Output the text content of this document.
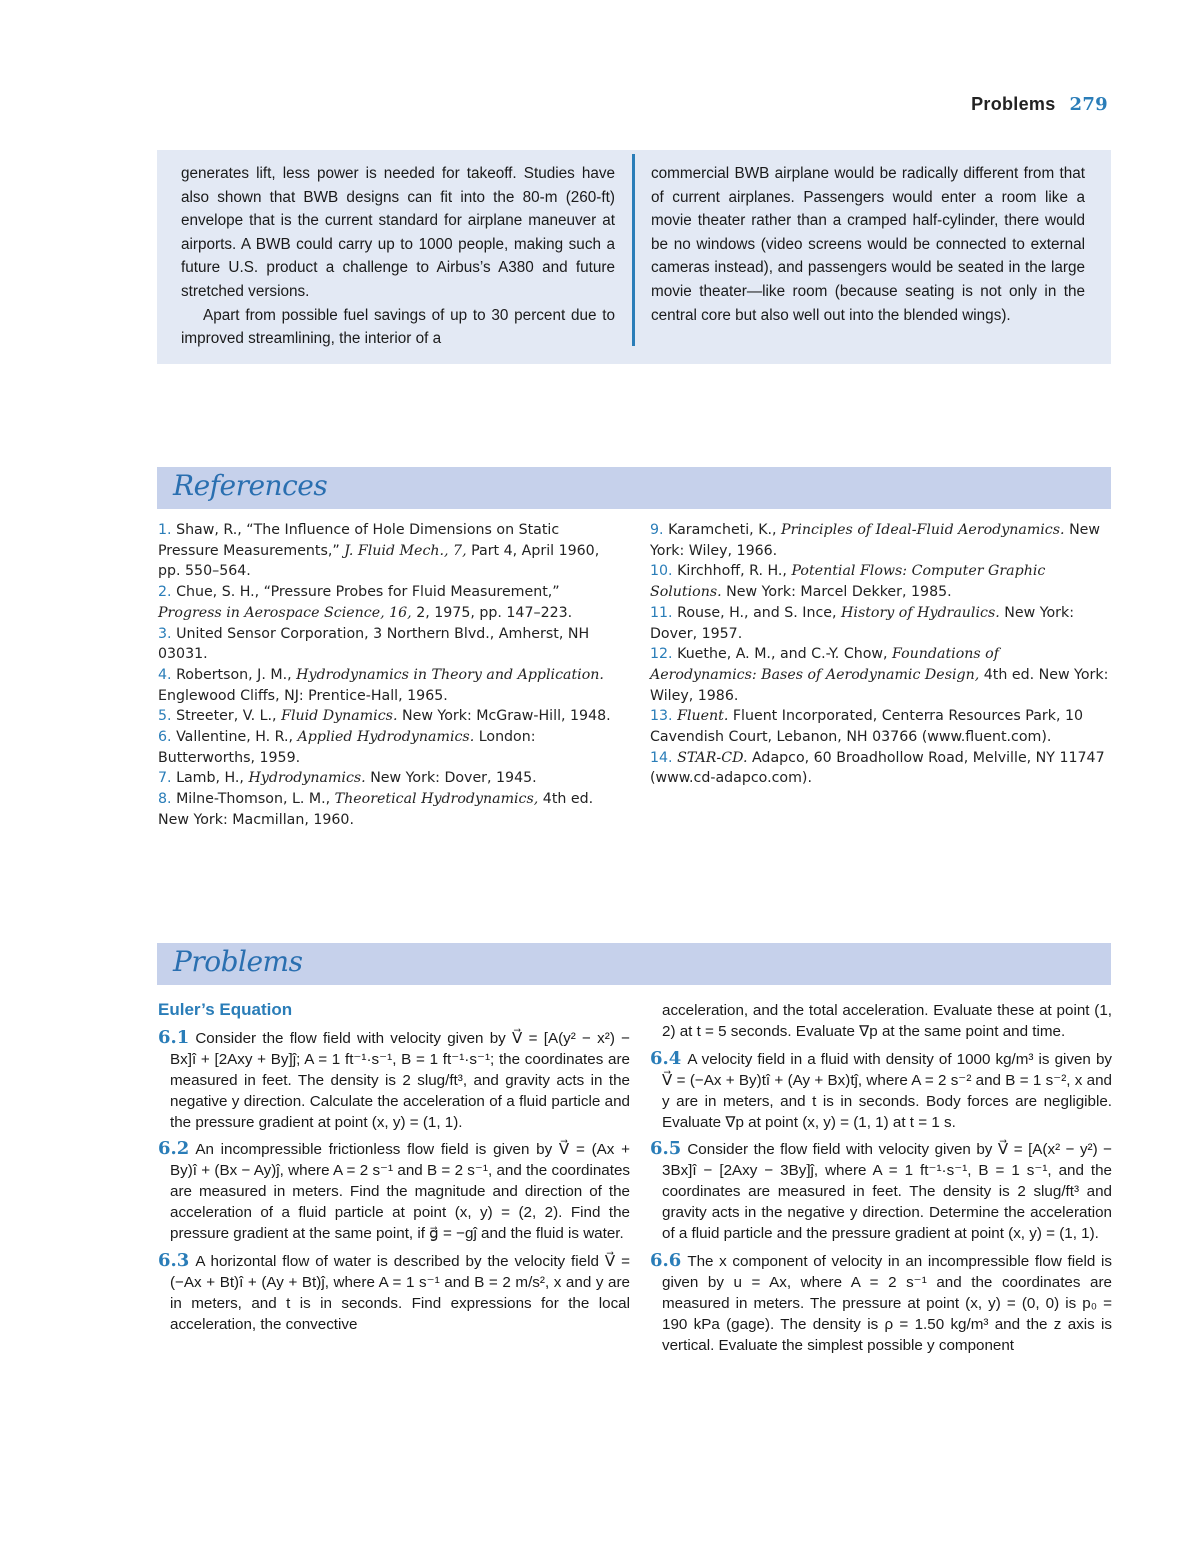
Problems 279

generates lift, less power is needed for takeoff. Studies have also shown that BWB designs can fit into the 80-m (260-ft) envelope that is the current standard for airplane maneuver at airports. A BWB could carry up to 1000 people, making such a future U.S. product a challenge to Airbus’s A380 and future stretched versions.

Apart from possible fuel savings of up to 30 percent due to improved streamlining, the interior of a

commercial BWB airplane would be radically different from that of current airplanes. Passengers would enter a room like a movie theater rather than a cramped half-cylinder, there would be no windows (video screens would be connected to external cameras instead), and passengers would be seated in the large movie theater—like room (because seating is not only in the central core but also well out into the blended wings).

References
1. Shaw, R., “The Influence of Hole Dimensions on Static Pressure Measurements,” J. Fluid Mech., 7, Part 4, April 1960, pp. 550–564.
2. Chue, S. H., “Pressure Probes for Fluid Measurement,” Progress in Aerospace Science, 16, 2, 1975, pp. 147–223.
3. United Sensor Corporation, 3 Northern Blvd., Amherst, NH 03031.
4. Robertson, J. M., Hydrodynamics in Theory and Application. Englewood Cliffs, NJ: Prentice-Hall, 1965.
5. Streeter, V. L., Fluid Dynamics. New York: McGraw-Hill, 1948.
6. Vallentine, H. R., Applied Hydrodynamics. London: Butterworths, 1959.
7. Lamb, H., Hydrodynamics. New York: Dover, 1945.
8. Milne-Thomson, L. M., Theoretical Hydrodynamics, 4th ed. New York: Macmillan, 1960.
9. Karamcheti, K., Principles of Ideal-Fluid Aerodynamics. New York: Wiley, 1966.
10. Kirchhoff, R. H., Potential Flows: Computer Graphic Solutions. New York: Marcel Dekker, 1985.
11. Rouse, H., and S. Ince, History of Hydraulics. New York: Dover, 1957.
12. Kuethe, A. M., and C.-Y. Chow, Foundations of Aerodynamics: Bases of Aerodynamic Design, 4th ed. New York: Wiley, 1986.
13. Fluent. Fluent Incorporated, Centerra Resources Park, 10 Cavendish Court, Lebanon, NH 03766 (www.fluent.com).
14. STAR-CD. Adapco, 60 Broadhollow Road, Melville, NY 11747 (www.cd-adapco.com).
Problems
Euler’s Equation

6.1 Consider the flow field with velocity given by V⃗ = [A(y² − x²) − Bx]î + [2Axy + By]ĵ; A = 1 ft⁻¹·s⁻¹, B = 1 ft⁻¹·s⁻¹; the coordinates are measured in feet. The density is 2 slug/ft³, and gravity acts in the negative y direction. Calculate the acceleration of a fluid particle and the pressure gradient at point (x, y) = (1, 1).

6.2 An incompressible frictionless flow field is given by V⃗ = (Ax + By)î + (Bx − Ay)ĵ, where A = 2 s⁻¹ and B = 2 s⁻¹, and the coordinates are measured in meters. Find the magnitude and direction of the acceleration of a fluid particle at point (x, y) = (2, 2). Find the pressure gradient at the same point, if g⃗ = −gĵ and the fluid is water.

6.3 A horizontal flow of water is described by the velocity field V⃗ = (−Ax + Bt)î + (Ay + Bt)ĵ, where A = 1 s⁻¹ and B = 2 m/s², x and y are in meters, and t is in seconds. Find expressions for the local acceleration, the convective

acceleration, and the total acceleration. Evaluate these at point (1, 2) at t = 5 seconds. Evaluate ∇p at the same point and time.

6.4 A velocity field in a fluid with density of 1000 kg/m³ is given by V⃗ = (−Ax + By)tî + (Ay + Bx)tĵ, where A = 2 s⁻² and B = 1 s⁻², x and y are in meters, and t is in seconds. Body forces are negligible. Evaluate ∇p at point (x, y) = (1, 1) at t = 1 s.

6.5 Consider the flow field with velocity given by V⃗ = [A(x² − y²) − 3Bx]î − [2Axy − 3By]ĵ, where A = 1 ft⁻¹·s⁻¹, B = 1 s⁻¹, and the coordinates are measured in feet. The density is 2 slug/ft³ and gravity acts in the negative y direction. Determine the acceleration of a fluid particle and the pressure gradient at point (x, y) = (1, 1).

6.6 The x component of velocity in an incompressible flow field is given by u = Ax, where A = 2 s⁻¹ and the coordinates are measured in meters. The pressure at point (x, y) = (0, 0) is p₀ = 190 kPa (gage). The density is ρ = 1.50 kg/m³ and the z axis is vertical. Evaluate the simplest possible y component
